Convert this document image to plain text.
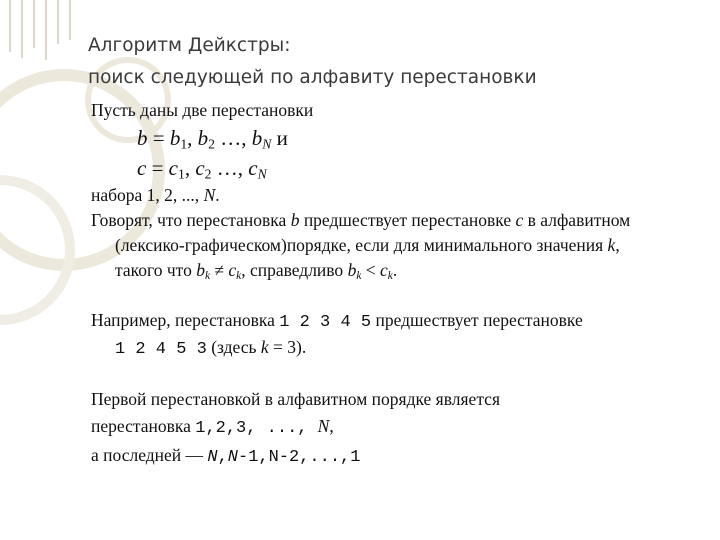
Алгоритм Дейкстры:
поиск следующей по алфавиту перестановки
Пусть даны две перестановки
$b = b_1$, $b_2$ …, $b_N$ и
$c = c_1$, $c_2$ …, $c_N$
набора 1, 2, ..., N.
Говорят, что перестановка b предшествует перестановке c в алфавитном
(лексико-графическом)порядке, если для минимального значения k,
такого что $b_k \ne c_k$, справедливо $b_k < c_k$.
Например, перестановка 1 2 3 4 5 предшествует перестановке
1 2 4 5 3 (здесь k = 3).
Первой перестановкой в алфавитном порядке является
перестановка 1,2,3, ..., N,
а последней — N,N-1,N-2,...,1
